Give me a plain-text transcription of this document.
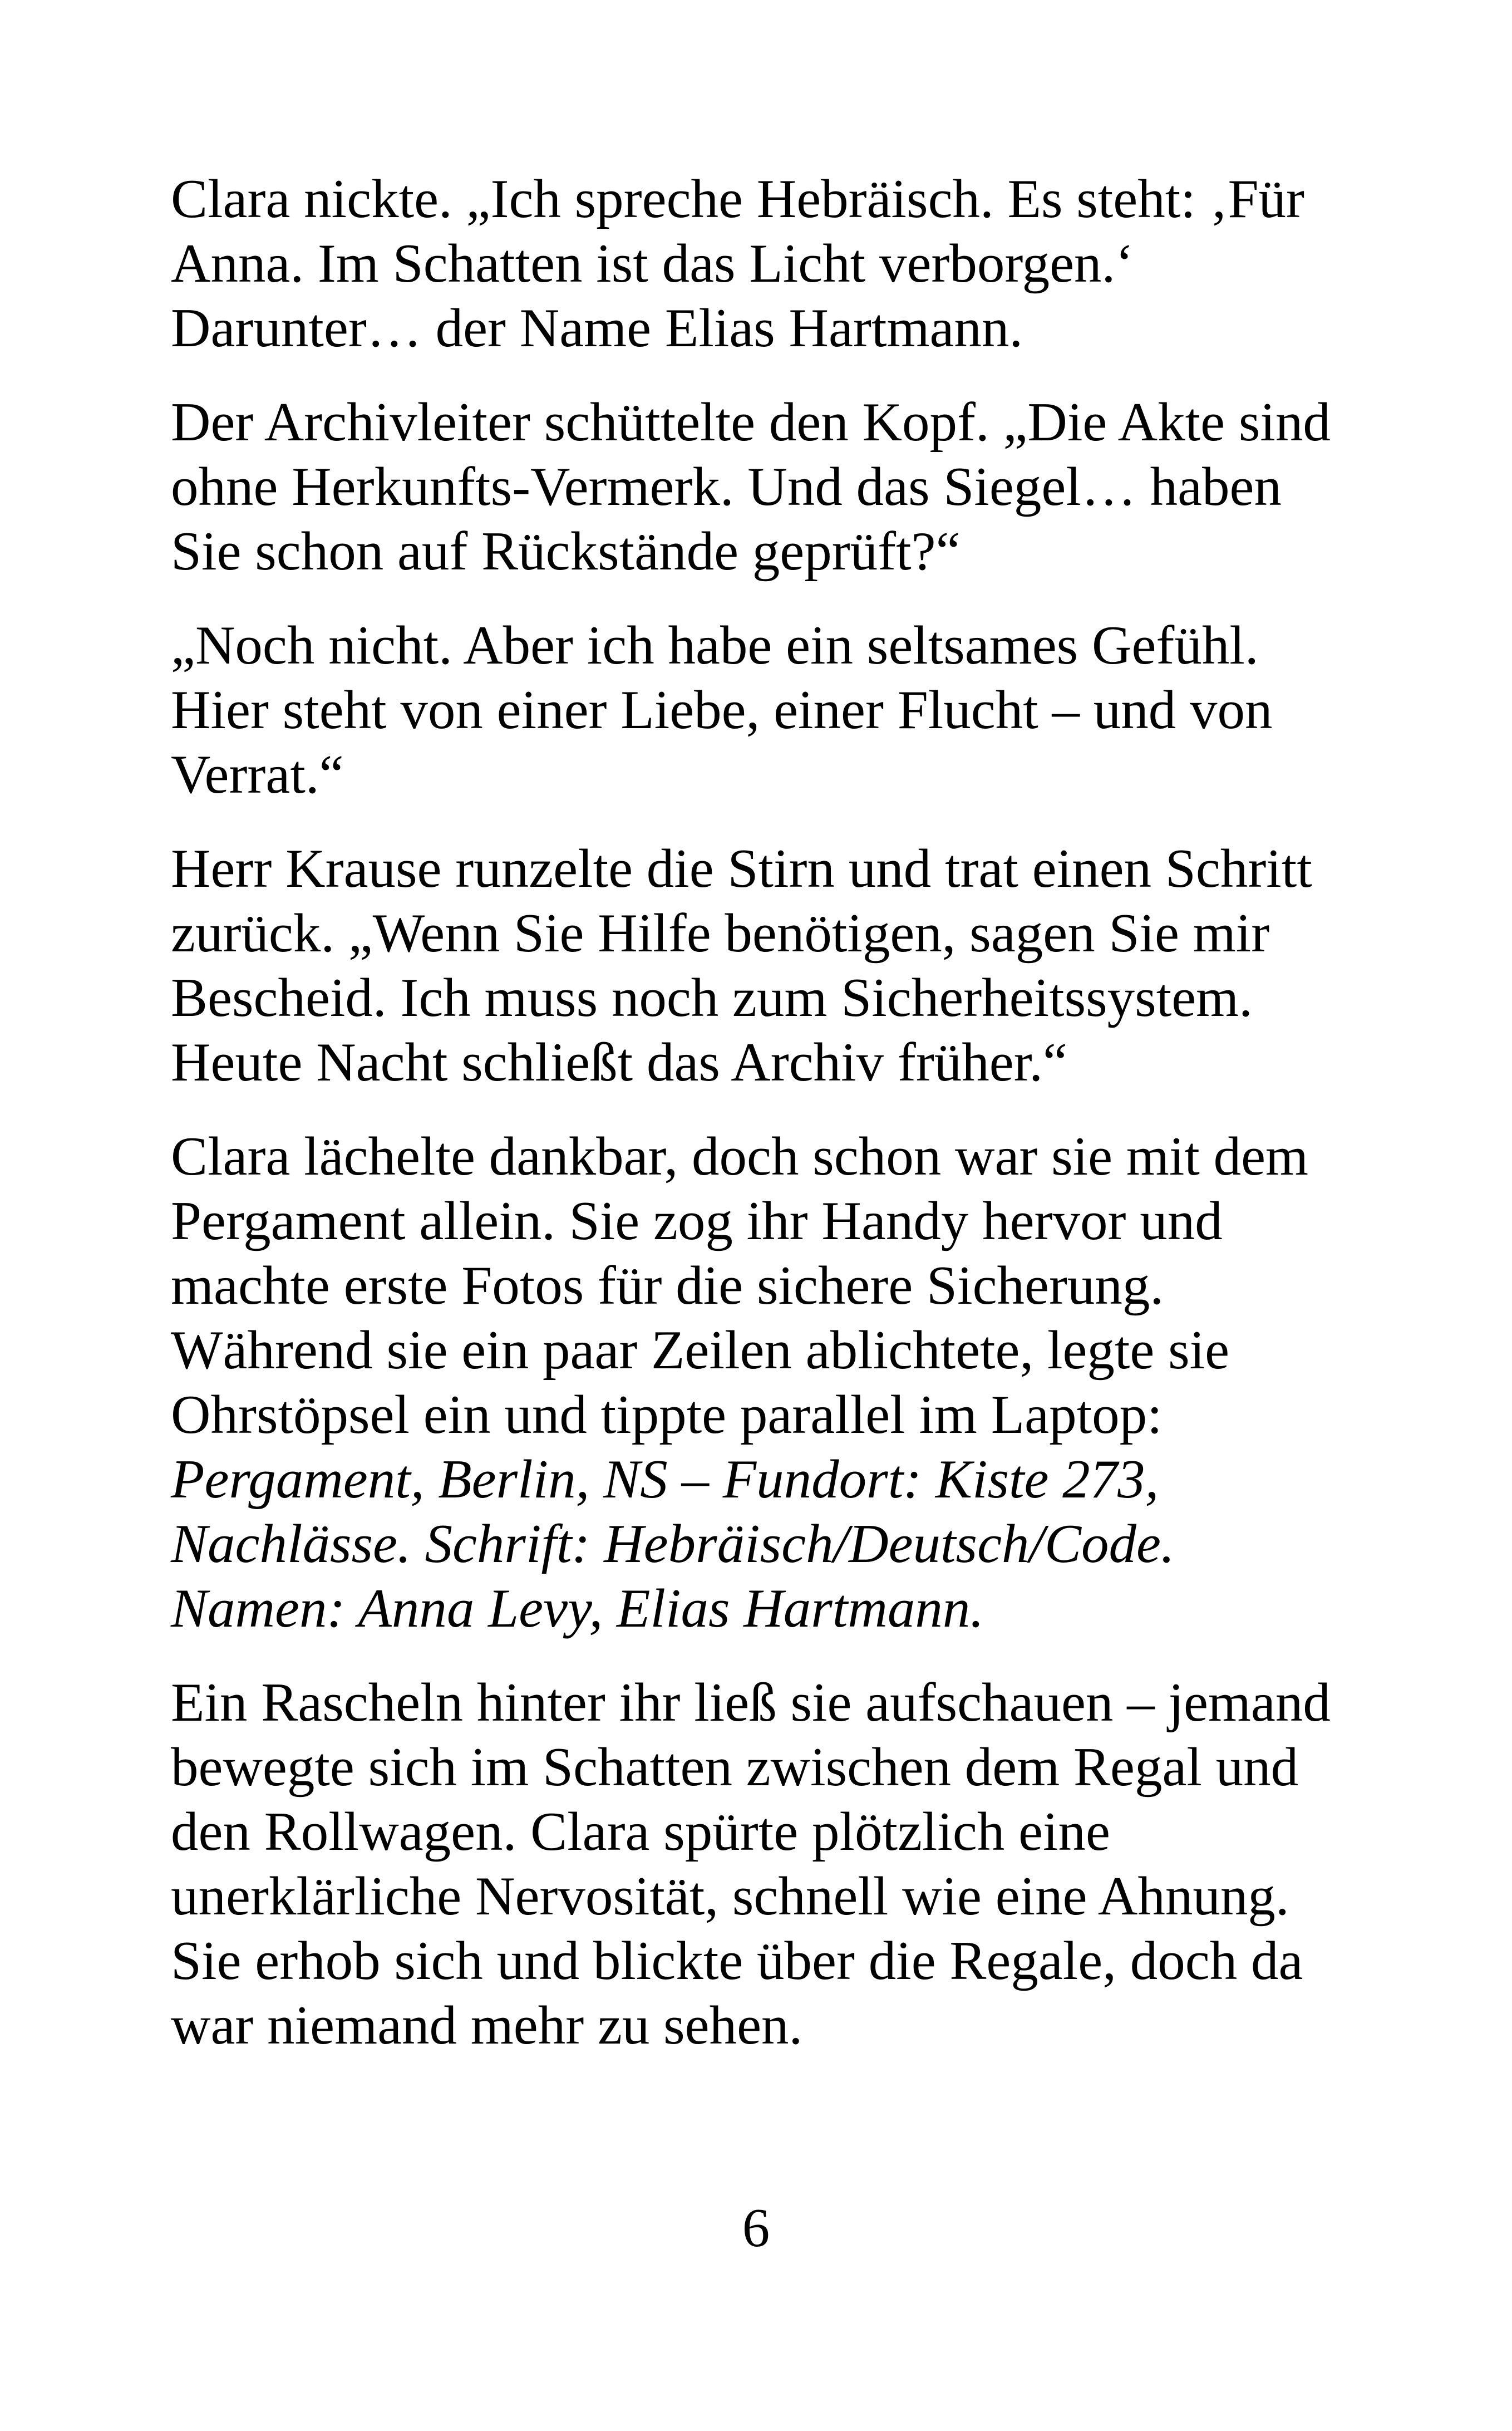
Clara nickte. „Ich spreche Hebräisch. Es steht: ‚Für
Anna. Im Schatten ist das Licht verborgen.‘
Darunter… der Name Elias Hartmann.

Der Archivleiter schüttelte den Kopf. „Die Akte sind
ohne Herkunfts-Vermerk. Und das Siegel… haben
Sie schon auf Rückstände geprüft?“

„Noch nicht. Aber ich habe ein seltsames Gefühl.
Hier steht von einer Liebe, einer Flucht – und von
Verrat.“

Herr Krause runzelte die Stirn und trat einen Schritt
zurück. „Wenn Sie Hilfe benötigen, sagen Sie mir
Bescheid. Ich muss noch zum Sicherheitssystem.
Heute Nacht schließt das Archiv früher.“

Clara lächelte dankbar, doch schon war sie mit dem
Pergament allein. Sie zog ihr Handy hervor und
machte erste Fotos für die sichere Sicherung.
Während sie ein paar Zeilen ablichtete, legte sie
Ohrstöpsel ein und tippte parallel im Laptop:
Pergament, Berlin, NS – Fundort: Kiste 273,
Nachlässe. Schrift: Hebräisch/Deutsch/Code.
Namen: Anna Levy, Elias Hartmann.

Ein Rascheln hinter ihr ließ sie aufschauen – jemand
bewegte sich im Schatten zwischen dem Regal und
den Rollwagen. Clara spürte plötzlich eine
unerklärliche Nervosität, schnell wie eine Ahnung.
Sie erhob sich und blickte über die Regale, doch da
war niemand mehr zu sehen.

6
